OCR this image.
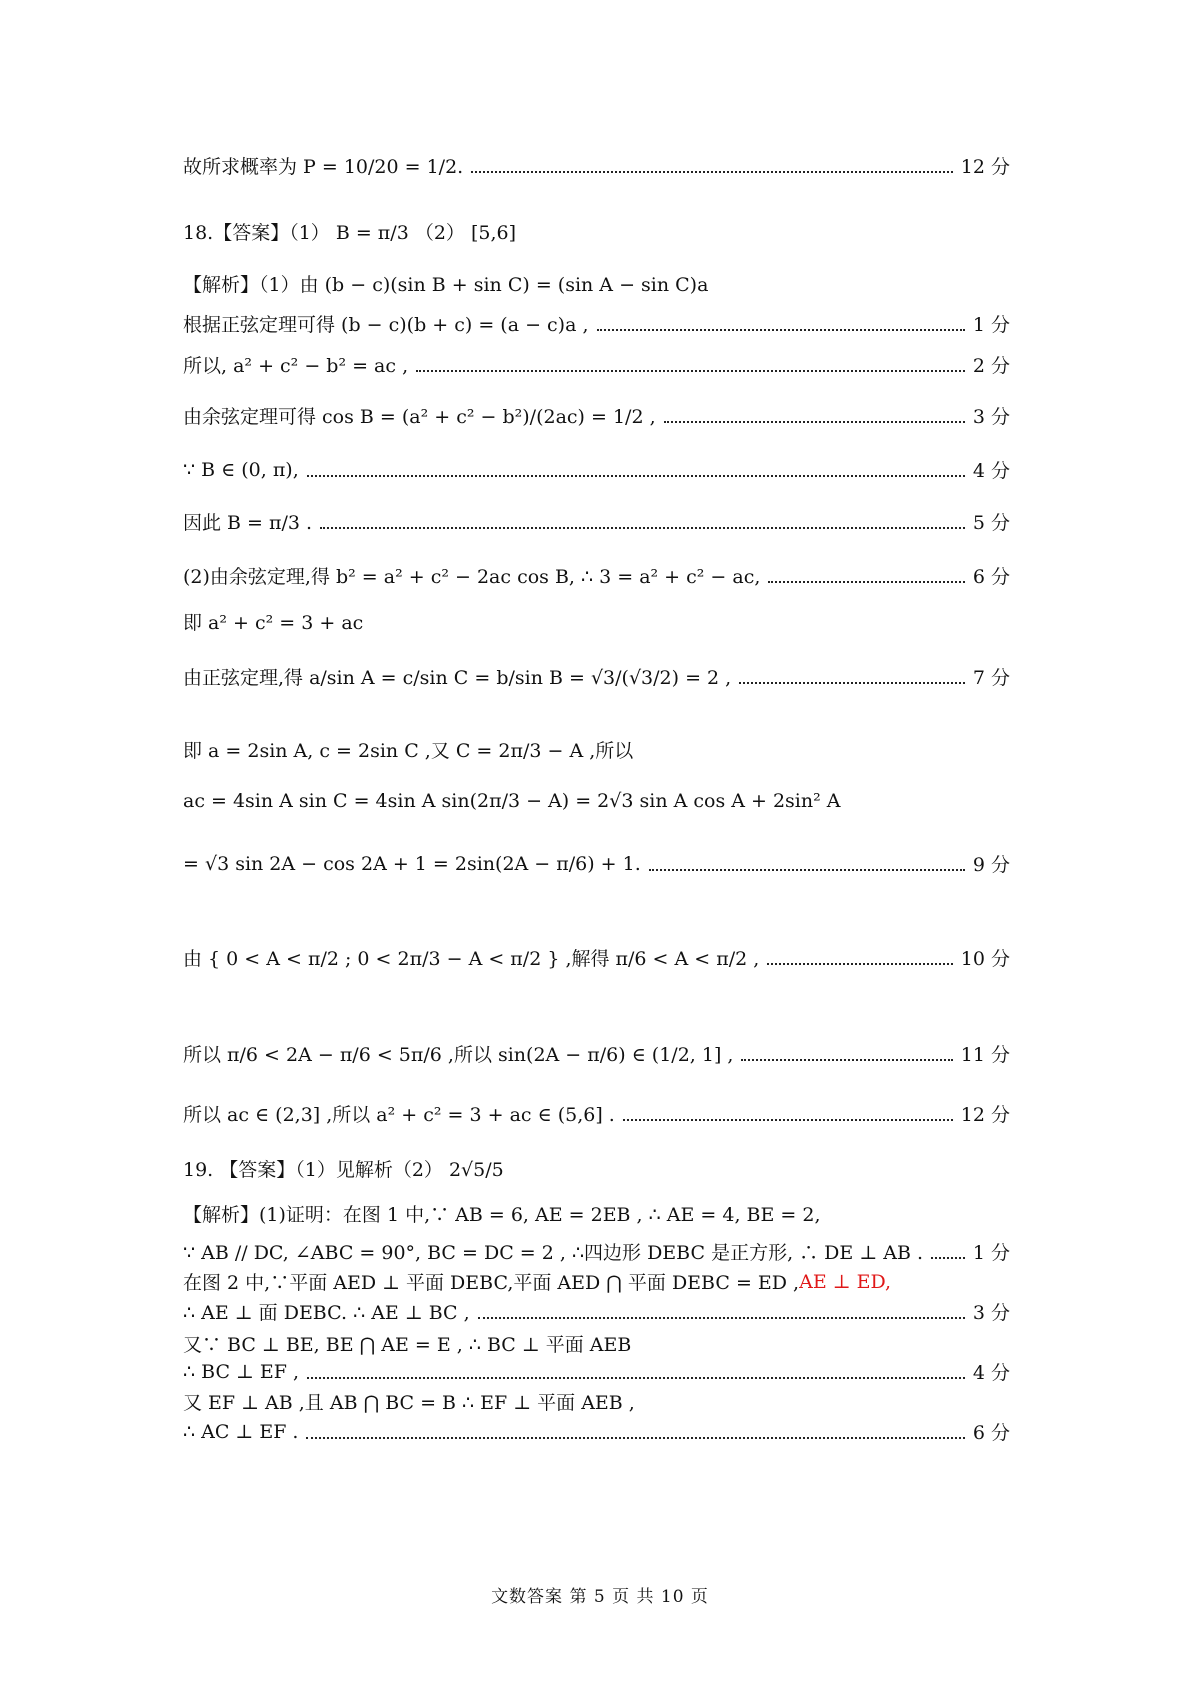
故所求概率为 P = 10/20 = 1/2.	12 分
18.【答案】（1） B = π/3 （2） [5,6]
【解析】（1）由 (b − c)(sin B + sin C) = (sin A − sin C)a
根据正弦定理可得 (b − c)(b + c) = (a − c)a ,	1 分
所以, a² + c² − b² = ac ,	2 分
由余弦定理可得 cos B = (a² + c² − b²)/(2ac) = 1/2 ,	3 分
∵ B ∈ (0, π),	4 分
因此 B = π/3 .	5 分
(2)由余弦定理,得 b² = a² + c² − 2ac cos B, ∴ 3 = a² + c² − ac,	6 分
即 a² + c² = 3 + ac
由正弦定理,得 a/sin A = c/sin C = b/sin B = √3/(√3/2) = 2 ,	7 分
即 a = 2sin A, c = 2sin C ,又 C = 2π/3 − A ,所以
ac = 4sin A sin C = 4sin A sin(2π/3 − A) = 2√3 sin A cos A + 2sin² A
= √3 sin 2A − cos 2A + 1 = 2sin(2A − π/6) + 1.	9 分
由 { 0 < A < π/2 ; 0 < 2π/3 − A < π/2 } ,解得 π/6 < A < π/2 ,	10 分
所以 π/6 < 2A − π/6 < 5π/6 ,所以 sin(2A − π/6) ∈ (1/2, 1] ,	11 分
所以 ac ∈ (2,3] ,所以 a² + c² = 3 + ac ∈ (5,6] .	12 分
19. 【答案】（1）见解析（2） 2√5/5
【解析】(1)证明：在图 1 中,∵ AB = 6, AE = 2EB , ∴ AE = 4, BE = 2,
∵ AB // DC, ∠ABC = 90°, BC = DC = 2 , ∴四边形 DEBC 是正方形, ∴ DE ⊥ AB .	1 分
在图 2 中,∵平面 AED ⊥ 平面 DEBC,平面 AED ⋂ 平面 DEBC = ED , AE ⊥ ED,
∴ AE ⊥ 面 DEBC. ∴ AE ⊥ BC ,	3 分
又∵ BC ⊥ BE, BE ⋂ AE = E , ∴ BC ⊥ 平面 AEB
∴ BC ⊥ EF ,	4 分
又 EF ⊥ AB ,且 AB ⋂ BC = B ∴ EF ⊥ 平面 AEB ,
∴ AC ⊥ EF .	6 分
文数答案 第 5 页 共 10 页
